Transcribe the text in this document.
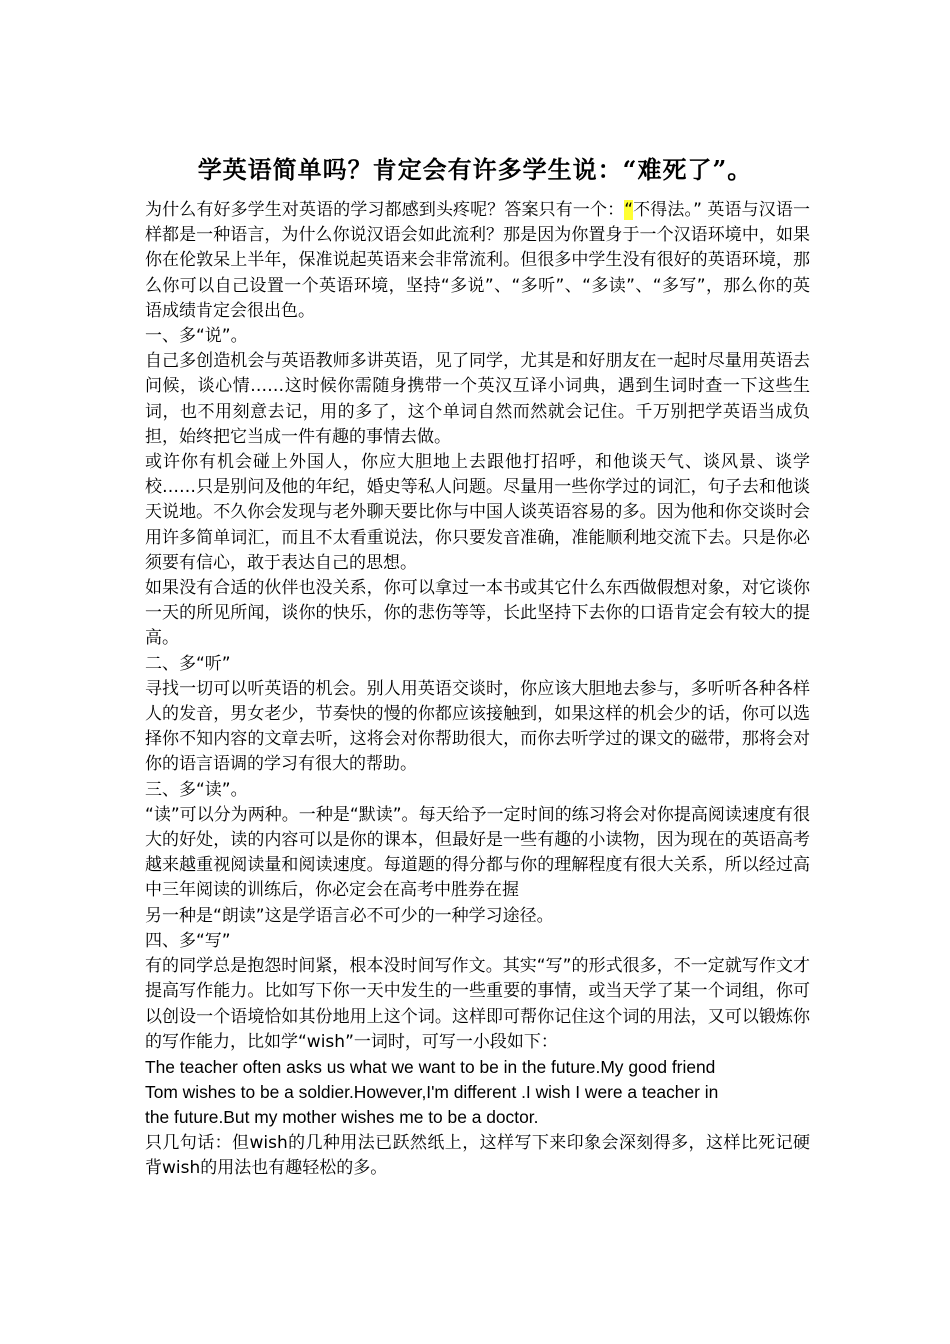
学英语简单吗？肯定会有许多学生说：“难死了”。

为什么有好多学生对英语的学习都感到头疼呢？答案只有一个：“不得法。” 英语与汉语一样都是一种语言，为什么你说汉语会如此流利？那是因为你置身于一个汉语环境中，如果你在伦敦呆上半年，保准说起英语来会非常流利。但很多中学生没有很好的英语环境，那么你可以自己设置一个英语环境，坚持“多说”、“多听”、“多读”、“多写”，那么你的英语成绩肯定会很出色。

一、多“说”。

自己多创造机会与英语教师多讲英语，见了同学，尤其是和好朋友在一起时尽量用英语去问候，谈心情……这时候你需随身携带一个英汉互译小词典，遇到生词时查一下这些生词，也不用刻意去记，用的多了，这个单词自然而然就会记住。千万别把学英语当成负担，始终把它当成一件有趣的事情去做。

或许你有机会碰上外国人，你应大胆地上去跟他打招呼，和他谈天气、谈风景、谈学校……只是别问及他的年纪，婚史等私人问题。尽量用一些你学过的词汇，句子去和他谈天说地。不久你会发现与老外聊天要比你与中国人谈英语容易的多。因为他和你交谈时会用许多简单词汇，而且不太看重说法，你只要发音准确，准能顺利地交流下去。只是你必须要有信心，敢于表达自己的思想。

如果没有合适的伙伴也没关系，你可以拿过一本书或其它什么东西做假想对象，对它谈你一天的所见所闻，谈你的快乐，你的悲伤等等，长此坚持下去你的口语肯定会有较大的提高。

二、多“听”

寻找一切可以听英语的机会。别人用英语交谈时，你应该大胆地去参与，多听听各种各样人的发音，男女老少，节奏快的慢的你都应该接触到，如果这样的机会少的话，你可以选择你不知内容的文章去听，这将会对你帮助很大，而你去听学过的课文的磁带，那将会对你的语言语调的学习有很大的帮助。

三、多“读”。

“读”可以分为两种。一种是“默读”。每天给予一定时间的练习将会对你提高阅读速度有很大的好处，读的内容可以是你的课本，但最好是一些有趣的小读物，因为现在的英语高考越来越重视阅读量和阅读速度。每道题的得分都与你的理解程度有很大关系，所以经过高中三年阅读的训练后，你必定会在高考中胜券在握

另一种是“朗读”这是学语言必不可少的一种学习途径。

四、多“写”

有的同学总是抱怨时间紧，根本没时间写作文。其实“写”的形式很多，不一定就写作文才提高写作能力。比如写下你一天中发生的一些重要的事情，或当天学了某一个词组，你可以创设一个语境恰如其份地用上这个词。这样即可帮你记住这个词的用法，又可以锻炼你的写作能力，比如学“wish”一词时，可写一小段如下：

The teacher often asks us what we want to be in the future.My good friend

Tom wishes to be a soldier.However,I'm different .I wish I were a teacher in

the future.But my mother wishes me to be a doctor.

只几句话：但wish的几种用法已跃然纸上，这样写下来印象会深刻得多，这样比死记硬背wish的用法也有趣轻松的多。
